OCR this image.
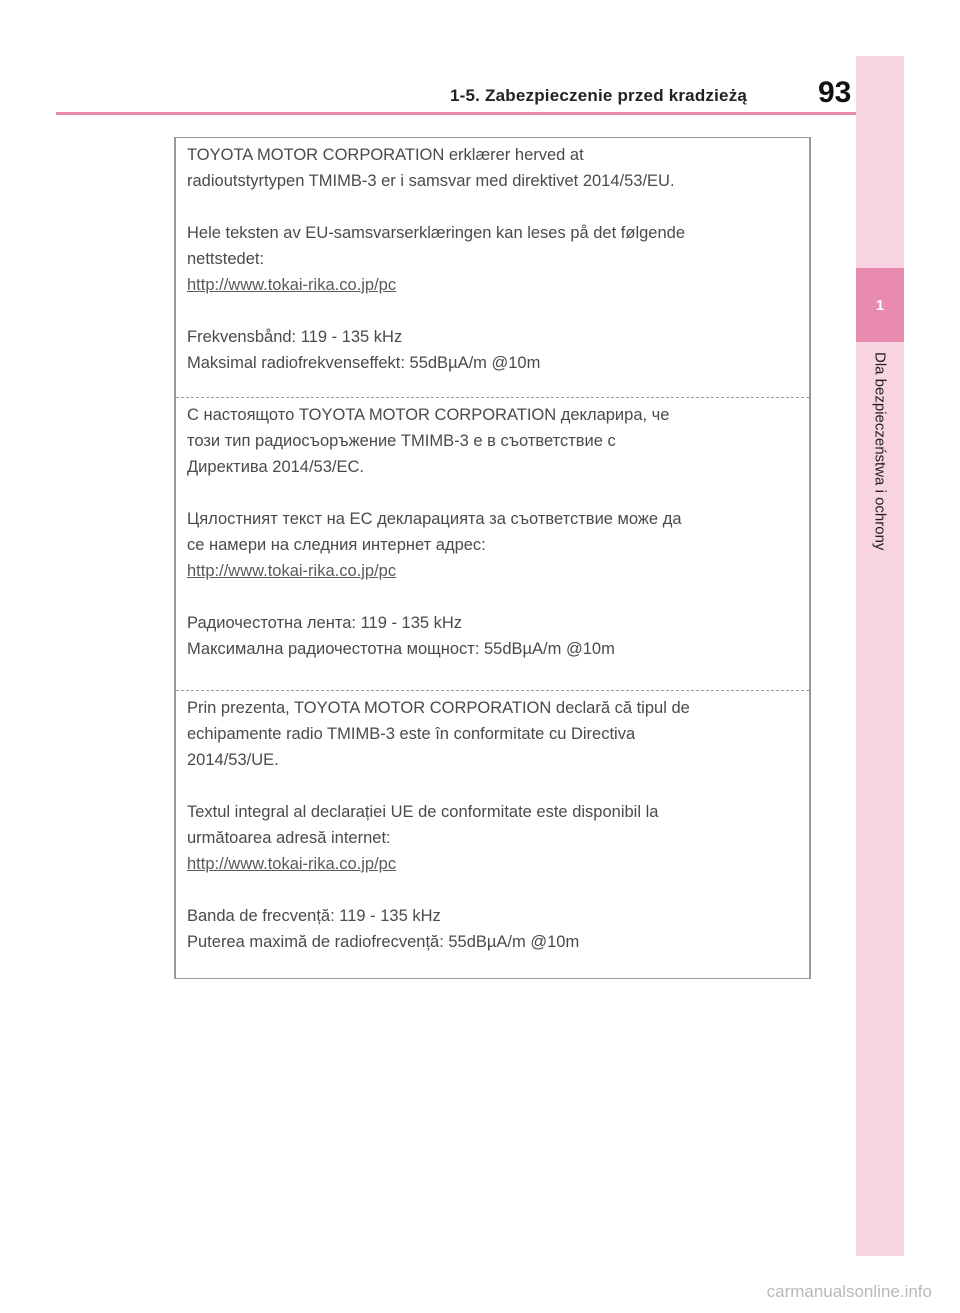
1-5. Zabezpieczenie przed kradzieżą 93
1
Dla bezpieczeństwa i ochrony

TOYOTA MOTOR CORPORATION erklærer herved at

radioutstyrtypen TMIMB-3 er i samsvar med direktivet 2014/53/EU.

Hele teksten av EU-samsvarserklæringen kan leses på det følgende

nettstedet:

http://www.tokai-rika.co.jp/pc

Frekvensbånd: 119 - 135 kHz

Maksimal radiofrekvenseffekt: 55dBµA/m @10m

С настоящото TOYOTA MOTOR CORPORATION декларира, че

този тип радиосъоръжение TMIMB-3 е в съответствие с

Директива 2014/53/ЕС.

Цялостният текст на ЕС декларацията за съответствие може да

се намери на следния интернет адрес:

http://www.tokai-rika.co.jp/pc

Радиочестотна лента: 119 - 135 kHz

Максимална радиочестотна мощност: 55dBµA/m @10m

Prin prezenta, TOYOTA MOTOR CORPORATION declară că tipul de

echipamente radio TMIMB-3 este în conformitate cu Directiva

2014/53/UE.

Textul integral al declarației UE de conformitate este disponibil la

următoarea adresă internet:

http://www.tokai-rika.co.jp/pc

Banda de frecvență: 119 - 135 kHz

Puterea maximă de radiofrecvență: 55dBµA/m @10m

carmanualsonline.info
